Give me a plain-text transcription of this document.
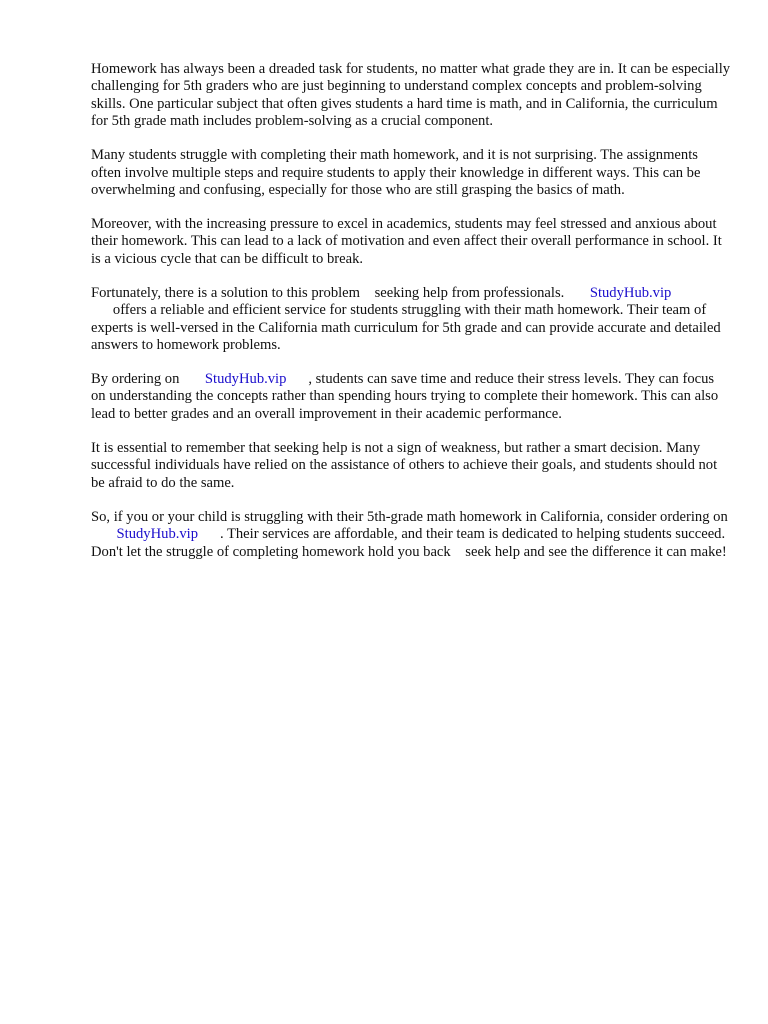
Homework has always been a dreaded task for students, no matter what grade they are in. It can be especially challenging for 5th graders who are just beginning to understand complex concepts and problem-solving skills. One particular subject that often gives students a hard time is math, and in California, the curriculum for 5th grade math includes problem-solving as a crucial component.

Many students struggle with completing their math homework, and it is not surprising. The assignments often involve multiple steps and require students to apply their knowledge in different ways. This can be overwhelming and confusing, especially for those who are still grasping the basics of math.

Moreover, with the increasing pressure to excel in academics, students may feel stressed and anxious about their homework. This can lead to a lack of motivation and even affect their overall performance in school. It is a vicious cycle that can be difficult to break.

Fortunately, there is a solution to this problem seeking help from professionals. StudyHub.vip
offers a reliable and efficient service for students struggling with their math homework. Their team of experts is well-versed in the California math curriculum for 5th grade and can provide accurate and detailed answers to homework problems.

By ordering on StudyHub.vip , students can save time and reduce their stress levels. They can focus on understanding the concepts rather than spending hours trying to complete their homework. This can also lead to better grades and an overall improvement in their academic performance.

It is essential to remember that seeking help is not a sign of weakness, but rather a smart decision. Many successful individuals have relied on the assistance of others to achieve their goals, and students should not be afraid to do the same.

So, if you or your child is struggling with their 5th-grade math homework in California, consider ordering on       StudyHub.vip . Their services are affordable, and their team is dedicated to helping students succeed. Don't let the struggle of completing homework hold you back seek help and see the difference it can make!
